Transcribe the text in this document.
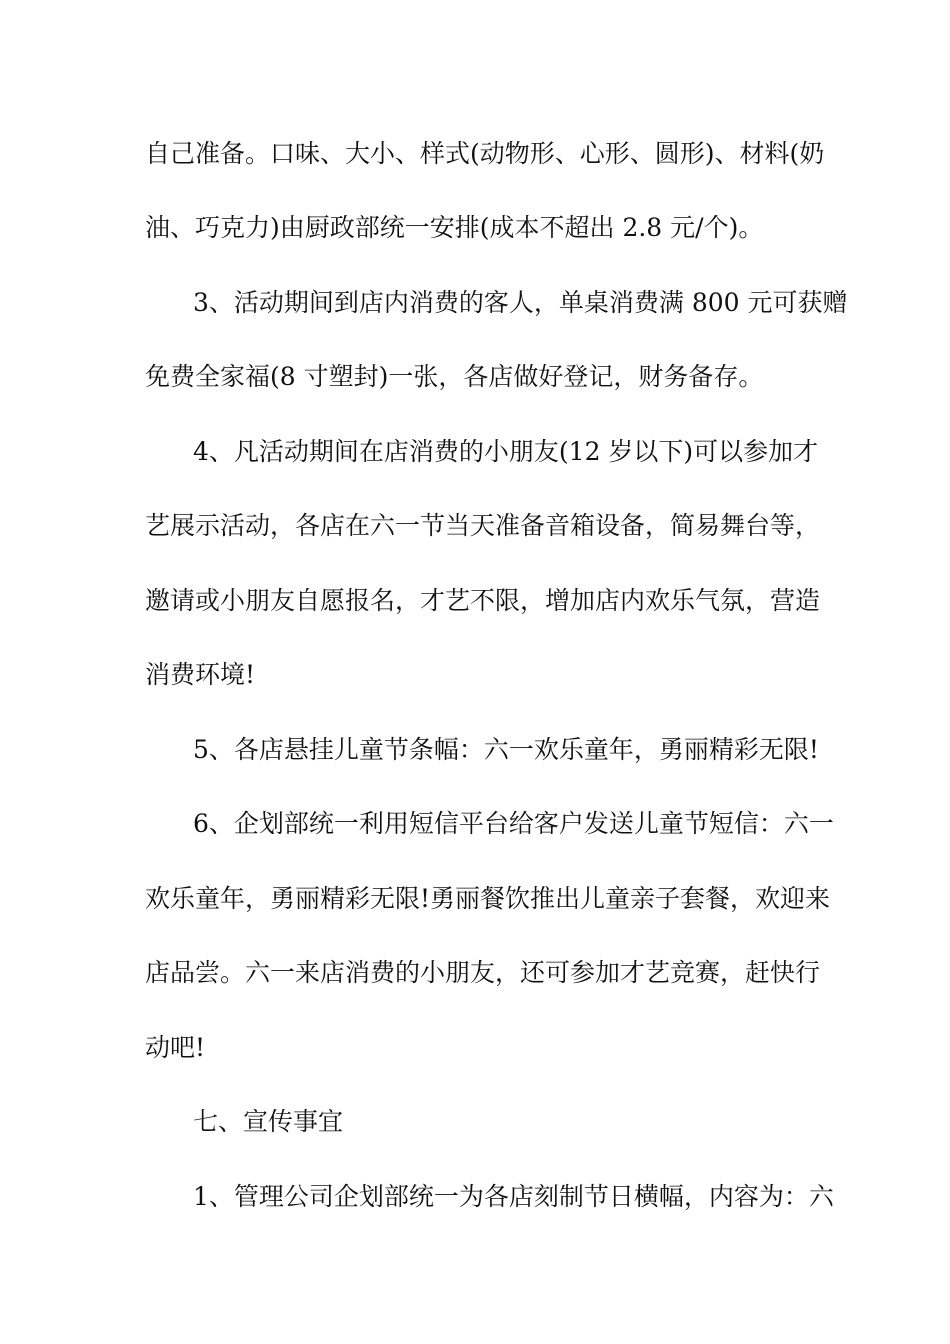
自己准备。口味、大小、样式(动物形、心形、圆形)、材料(奶
油、巧克力)由厨政部统一安排(成本不超出 2.8 元/个)。
3、活动期间到店内消费的客人，单桌消费满 800 元可获赠
免费全家福(8 寸塑封)一张，各店做好登记，财务备存。
4、凡活动期间在店消费的小朋友(12 岁以下)可以参加才
艺展示活动，各店在六一节当天准备音箱设备，简易舞台等，
邀请或小朋友自愿报名，才艺不限，增加店内欢乐气氛，营造
消费环境!
5、各店悬挂儿童节条幅：六一欢乐童年，勇丽精彩无限!
6、企划部统一利用短信平台给客户发送儿童节短信：六一
欢乐童年，勇丽精彩无限!勇丽餐饮推出儿童亲子套餐，欢迎来
店品尝。六一来店消费的小朋友，还可参加才艺竞赛，赶快行
动吧!
七、宣传事宜
1、管理公司企划部统一为各店刻制节日横幅，内容为：六
